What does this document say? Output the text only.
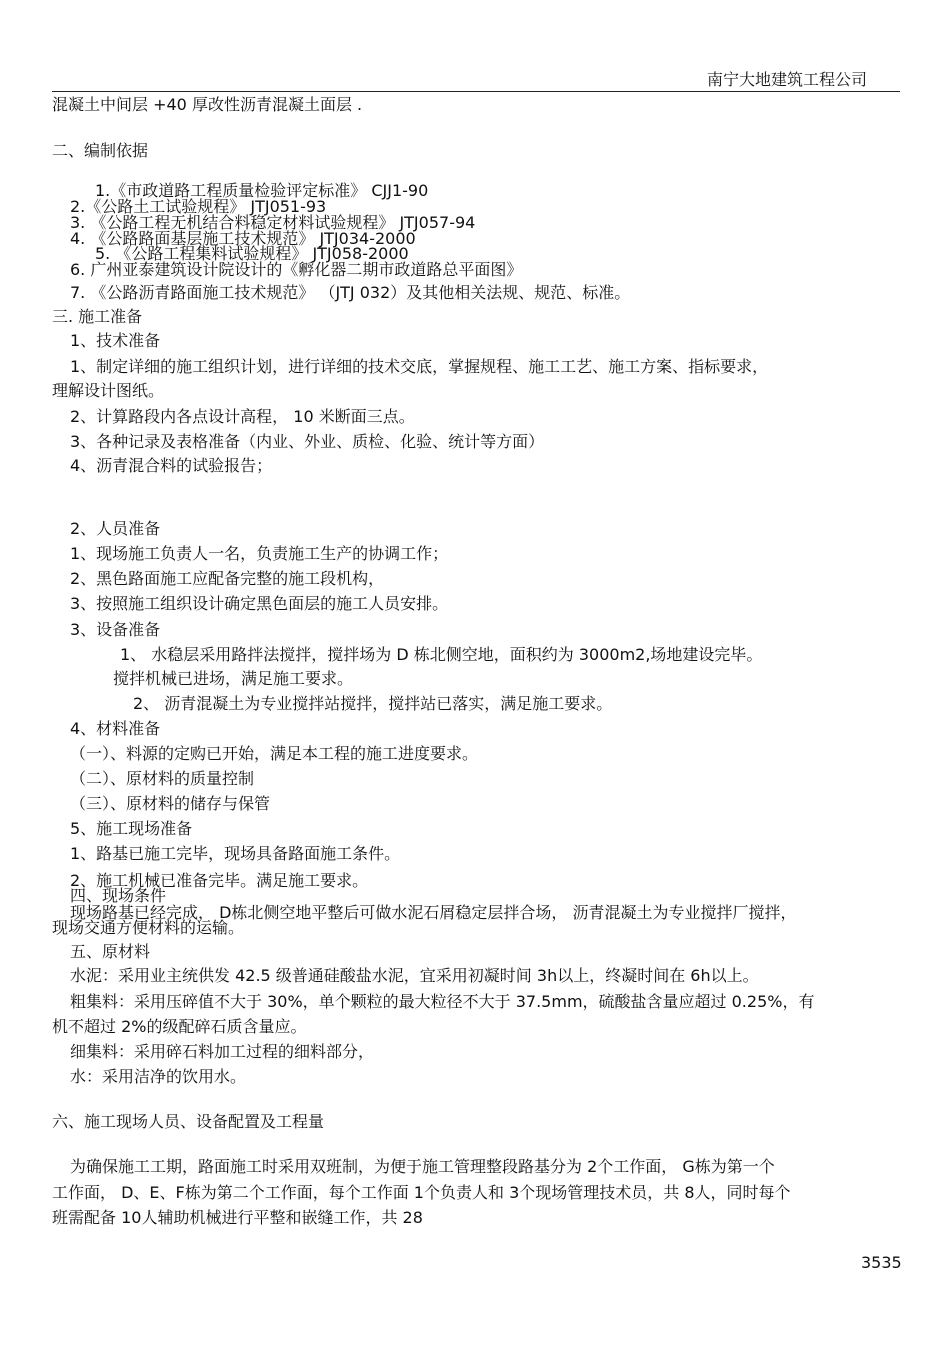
南宁大地建筑工程公司
混凝土中间层 +40 厚改性沥青混凝土面层 .
二、编制依据
1.《市政道路工程质量检验评定标准》 CJJ1-90
2.《公路土工试验规程》 JTJ051-93
3. 《公路工程无机结合料稳定材料试验规程》 JTJ057-94
4. 《公路路面基层施工技术规范》 JTJ034-2000
5. 《公路工程集料试验规程》 JTJ058-2000
6. 广州亚泰建筑设计院设计的《孵化器二期市政道路总平面图》
7. 《公路沥青路面施工技术规范》 （JTJ 032）及其他相关法规、规范、标准。
三. 施工准备
1、技术准备
1、制定详细的施工组织计划，进行详细的技术交底，掌握规程、施工工艺、施工方案、指标要求，
理解设计图纸。
2、计算路段内各点设计高程， 10 米断面三点。
3、各种记录及表格准备（内业、外业、质检、化验、统计等方面）
4、沥青混合料的试验报告；
2、人员准备
1、现场施工负责人一名，负责施工生产的协调工作；
2、黑色路面施工应配备完整的施工段机构，
3、按照施工组织设计确定黑色面层的施工人员安排。
3、设备准备
1、 水稳层采用路拌法搅拌，搅拌场为 D 栋北侧空地，面积约为 3000m2,场地建设完毕。
搅拌机械已进场，满足施工要求。
2、 沥青混凝土为专业搅拌站搅拌，搅拌站已落实，满足施工要求。
4、材料准备
（一）、料源的定购已开始，满足本工程的施工进度要求。
（二）、原材料的质量控制
（三）、原材料的储存与保管
5、施工现场准备
1、路基已施工完毕，现场具备路面施工条件。
2、施工机械已准备完毕。满足施工要求。
四、现场条件
现场路基已经完成， D栋北侧空地平整后可做水泥石屑稳定层拌合场， 沥青混凝土为专业搅拌厂搅拌，
现场交通方便材料的运输。
五、原材料
水泥：采用业主统供发 42.5 级普通硅酸盐水泥，宜采用初凝时间 3h以上，终凝时间在 6h以上。
粗集料：采用压碎值不大于 30%，单个颗粒的最大粒径不大于 37.5mm，硫酸盐含量应超过 0.25%，有
机不超过 2%的级配碎石质含量应。
细集料：采用碎石料加工过程的细料部分，
水：采用洁净的饮用水。
六、施工现场人员、设备配置及工程量
为确保施工工期，路面施工时采用双班制，为便于施工管理整段路基分为 2个工作面， G栋为第一个
工作面， D、E、F栋为第二个工作面，每个工作面 1个负责人和 3个现场管理技术员，共 8人，同时每个
班需配备 10人辅助机械进行平整和嵌缝工作，共 28
3535
